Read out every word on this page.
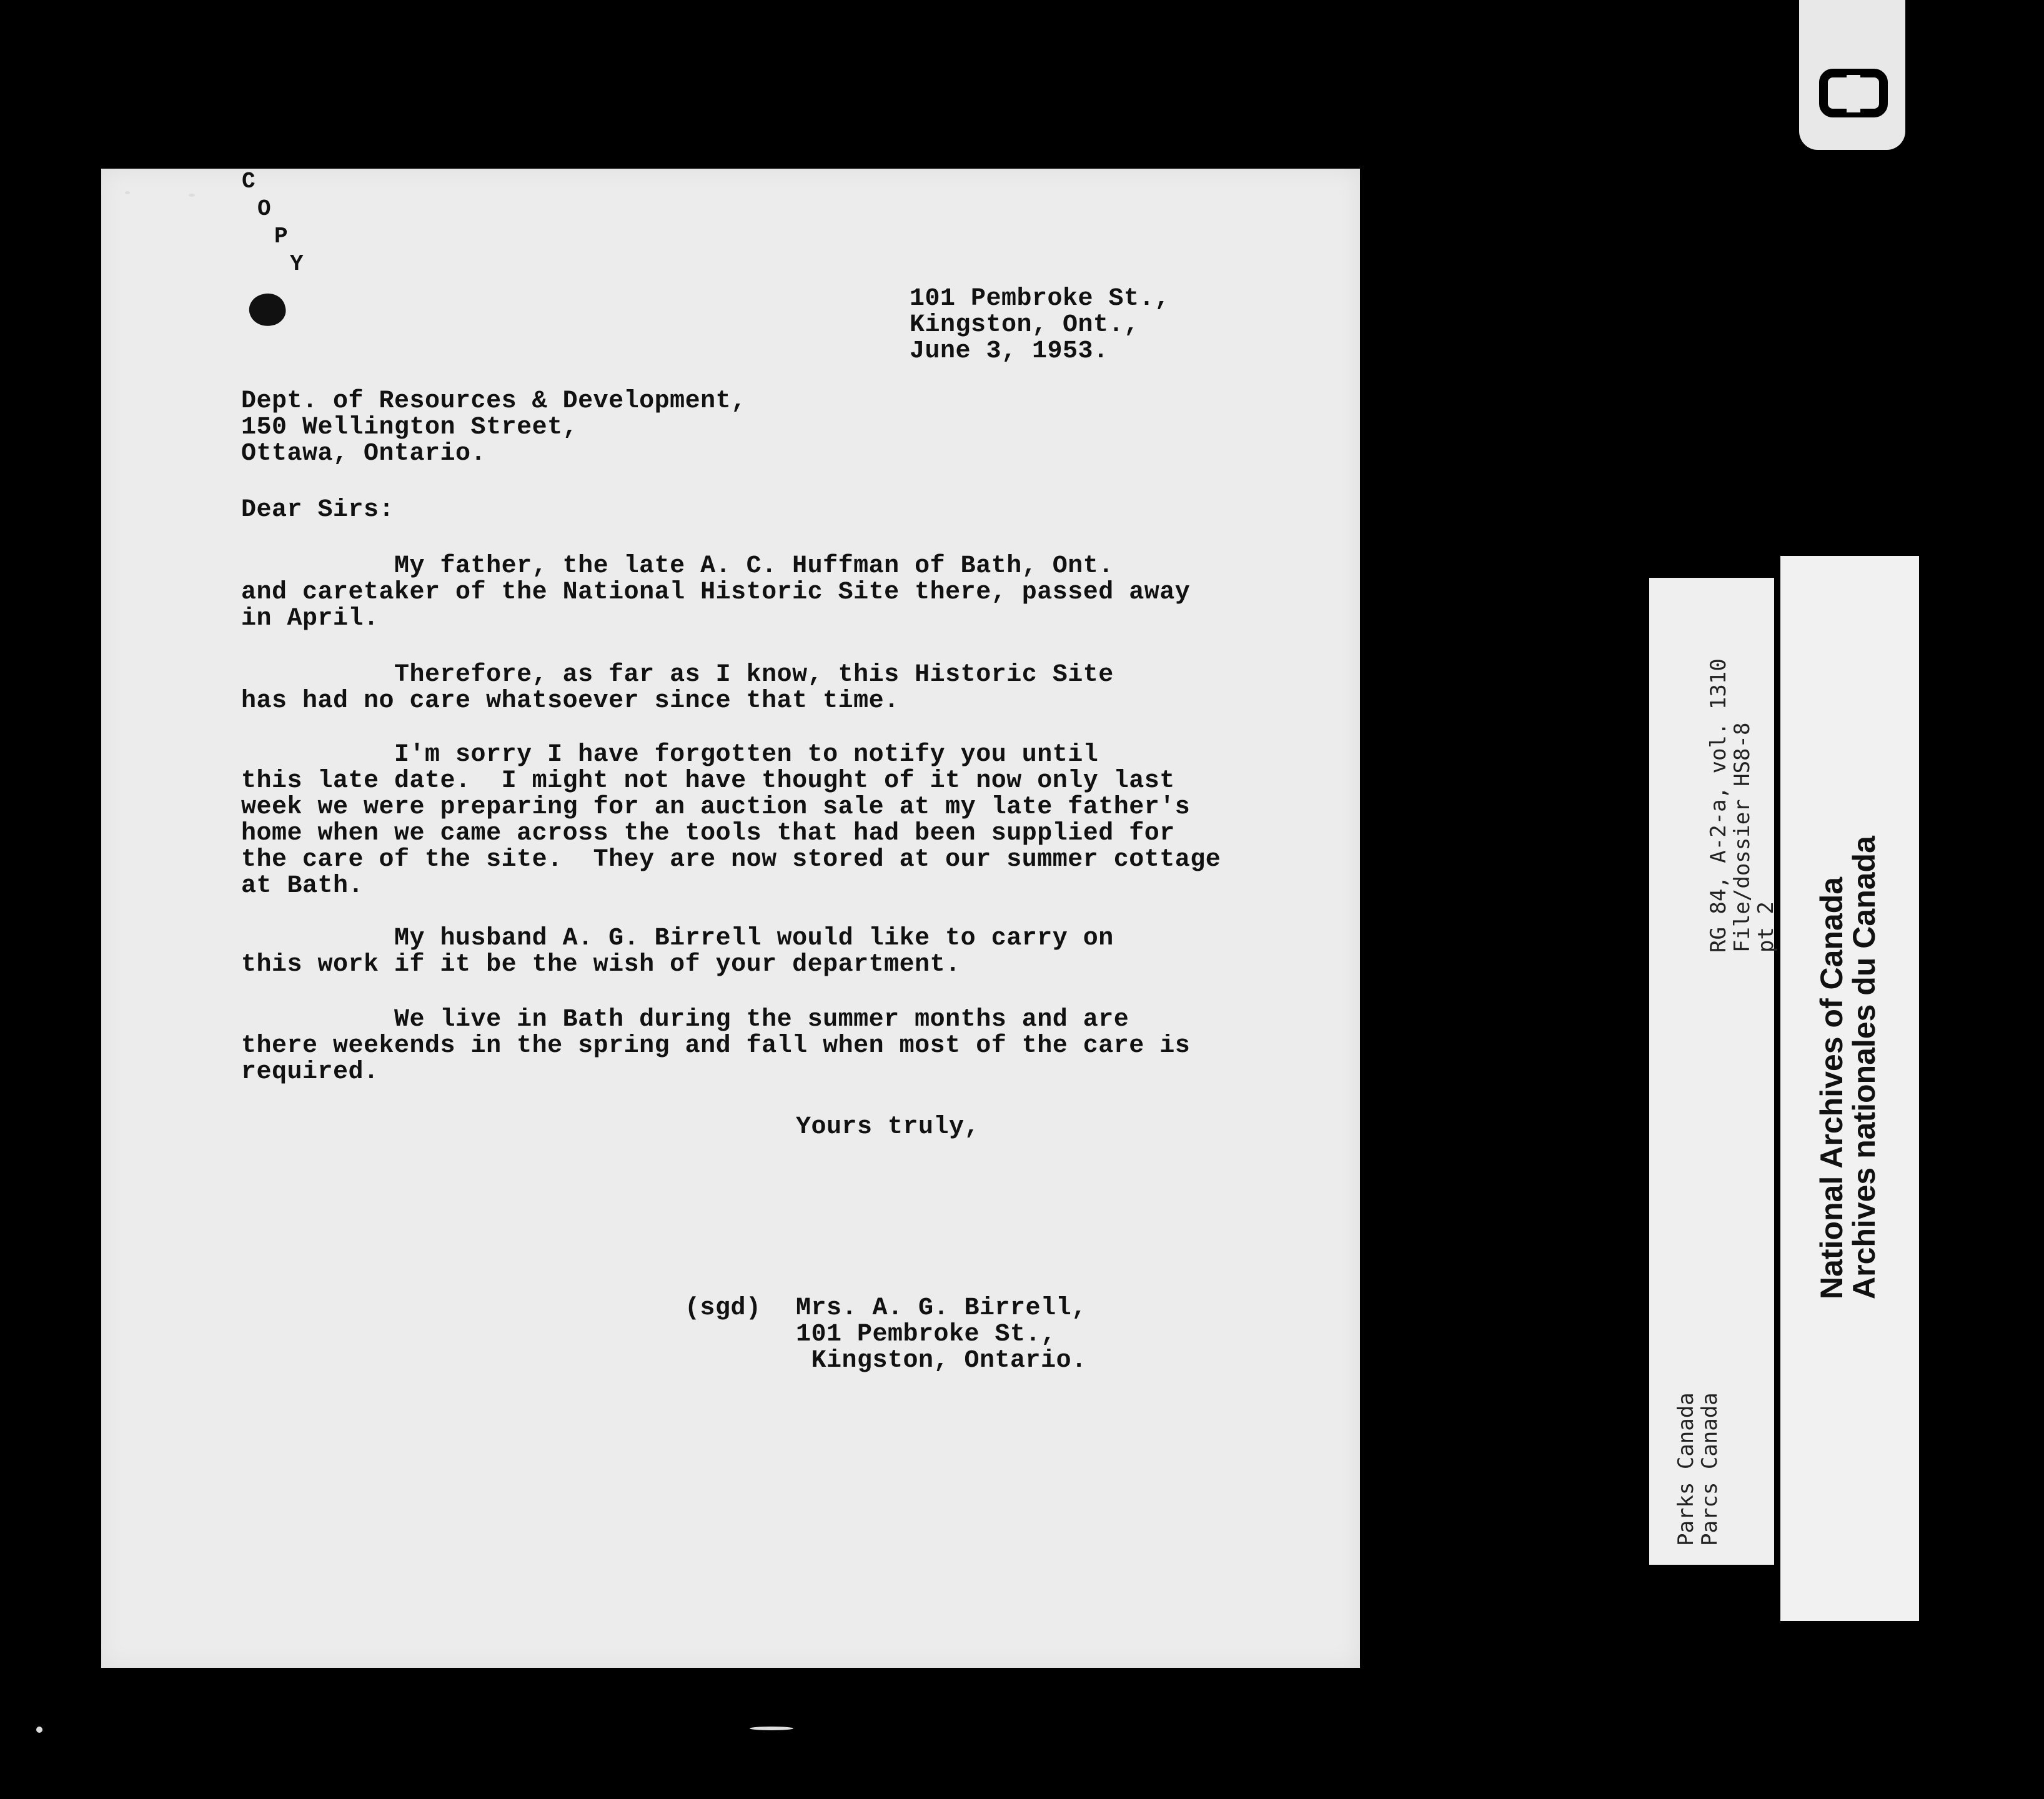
C
O
P
Y
101 Pembroke St.,
Kingston, Ont.,
June 3, 1953.
Dept. of Resources & Development,
150 Wellington Street,
Ottawa, Ontario.
Dear Sirs:
My father, the late A. C. Huffman of Bath, Ont.
and caretaker of the National Historic Site there, passed away
in April.
Therefore, as far as I know, this Historic Site
has had no care whatsoever since that time.
I'm sorry I have forgotten to notify you until
this late date.  I might not have thought of it now only last
week we were preparing for an auction sale at my late father's
home when we came across the tools that had been supplied for
the care of the site.  They are now stored at our summer cottage
at Bath.
My husband A. G. Birrell would like to carry on
this work if it be the wish of your department.
We live in Bath during the summer months and are
there weekends in the spring and fall when most of the care is
required.
Yours truly,
(sgd) Mrs. A. G. Birrell,
101 Pembroke St.,
Kingston, Ontario.
Parks Canada
Parcs Canada
RG 84, A-2-a, vol. 1310
File/dossier HS8-8
pt 2 National Archives of Canada
Archives nationales du Canada
